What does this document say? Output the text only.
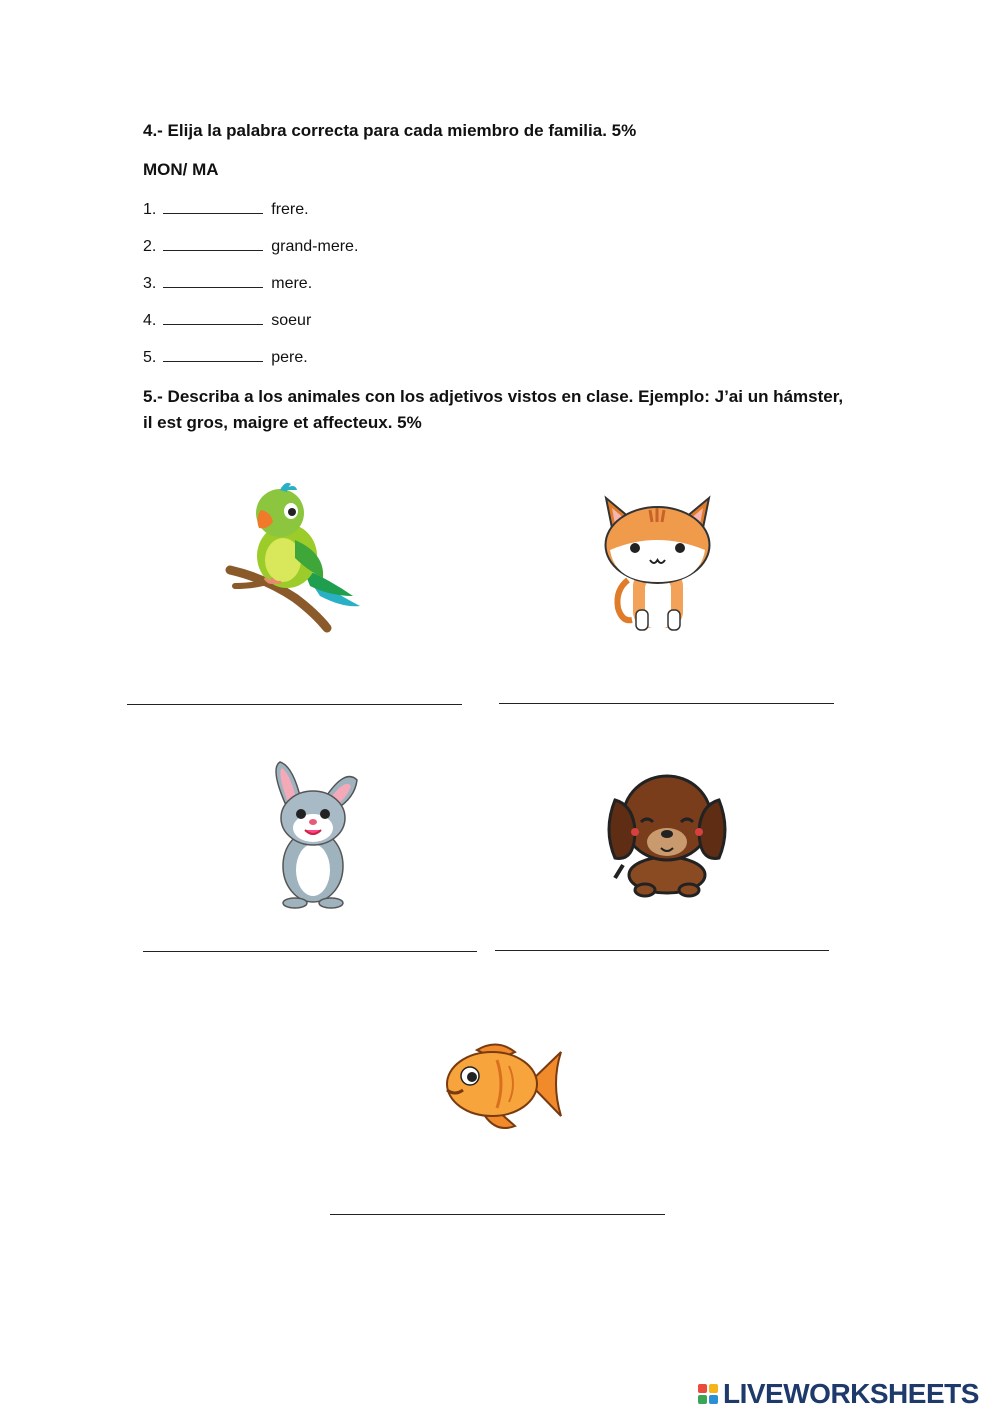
4.- Elija la palabra correcta para cada miembro de familia. 5%
MON/ MA
1.	frere.
2.	grand-mere.
3.	mere.
4.	soeur
5.	pere.
5.- Describa a los animales con los adjetivos vistos en clase. Ejemplo: J’ai un hámster,
il est gros, maigre et affecteux. 5%
LIVEWORKSHEETS
